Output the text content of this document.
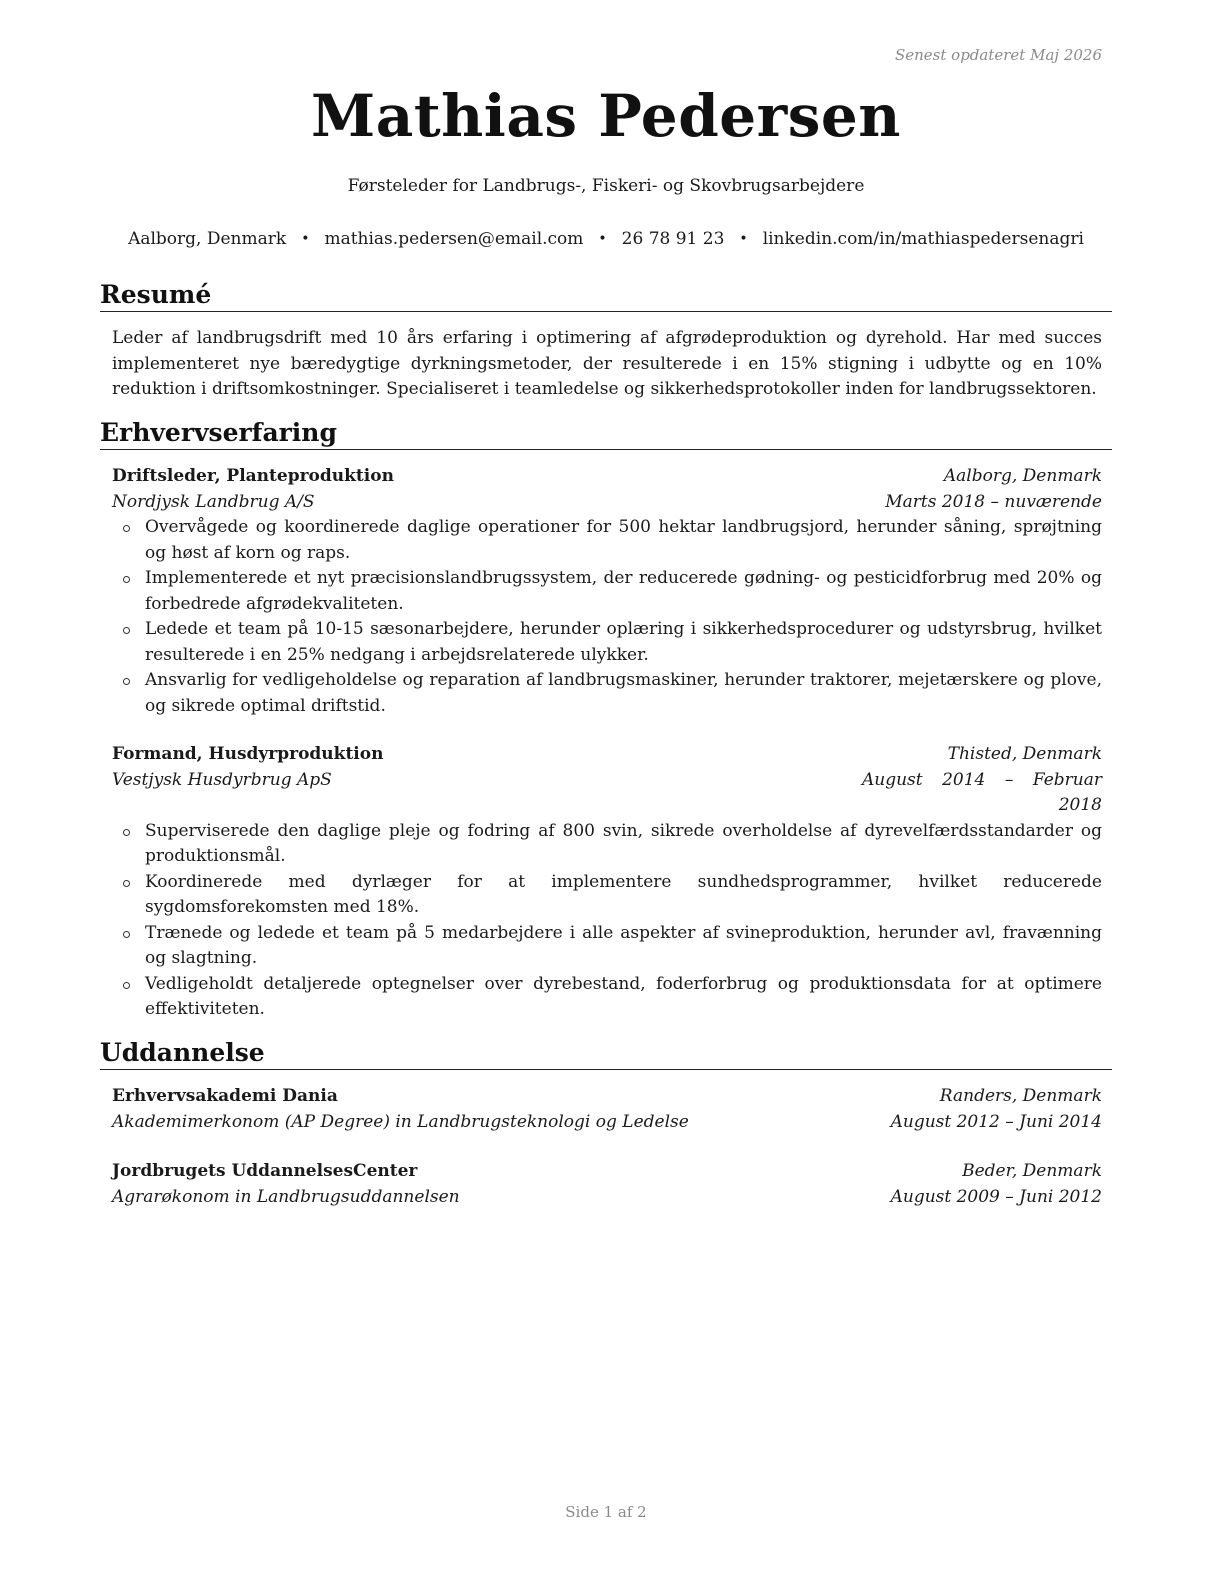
Senest opdateret Maj 2026
Mathias Pedersen
Førsteleder for Landbrugs-, Fiskeri- og Skovbrugsarbejdere
Aalborg, Denmark • mathias.pedersen@email.com • 26 78 91 23 • linkedin.com/in/mathiaspedersenagri
Resumé
Leder af landbrugsdrift med 10 års erfaring i optimering af afgrødeproduktion og dyrehold. Har med succes implementeret nye bæredygtige dyrkningsmetoder, der resulterede i en 15% stigning i udbytte og en 10% reduktion i driftsomkostninger. Specialiseret i teamledelse og sikkerhedsprotokoller inden for landbrugssektoren.
Erhvervserfaring
Driftsleder, Planteproduktion	Aalborg, Denmark
Nordjysk Landbrug A/S	Marts 2018 – nuværende
Overvågede og koordinerede daglige operationer for 500 hektar landbrugsjord, herunder såning, sprøjtning og høst af korn og raps.
Implementerede et nyt præcisionslandbrugssystem, der reducerede gødning- og pesticidforbrug med 20% og forbedrede afgrødekvaliteten.
Ledede et team på 10-15 sæsonarbejdere, herunder oplæring i sikkerhedsprocedurer og udstyrsbrug, hvilket resulterede i en 25% nedgang i arbejdsrelaterede ulykker.
Ansvarlig for vedligeholdelse og reparation af landbrugsmaskiner, herunder traktorer, mejetærskere og plove, og sikrede optimal driftstid.
Formand, Husdyrproduktion	Thisted, Denmark
Vestjysk Husdyrbrug ApS	August 2014 – Februar 2018
Superviserede den daglige pleje og fodring af 800 svin, sikrede overholdelse af dyrevelfærdsstandarder og produktionsmål.
Koordinerede med dyrlæger for at implementere sundhedsprogrammer, hvilket reducerede sygdomsforekomsten med 18%.
Trænede og ledede et team på 5 medarbejdere i alle aspekter af svineproduktion, herunder avl, fravænning og slagtning.
Vedligeholdt detaljerede optegnelser over dyrebestand, foderforbrug og produktionsdata for at optimere effektiviteten.
Uddannelse
Erhvervsakademi Dania	Randers, Denmark
Akademimerkonom (AP Degree) in Landbrugsteknologi og Ledelse	August 2012 – Juni 2014
Jordbrugets UddannelsesCenter	Beder, Denmark
Agrarøkonom in Landbrugsuddannelsen	August 2009 – Juni 2012
Side 1 af 2
